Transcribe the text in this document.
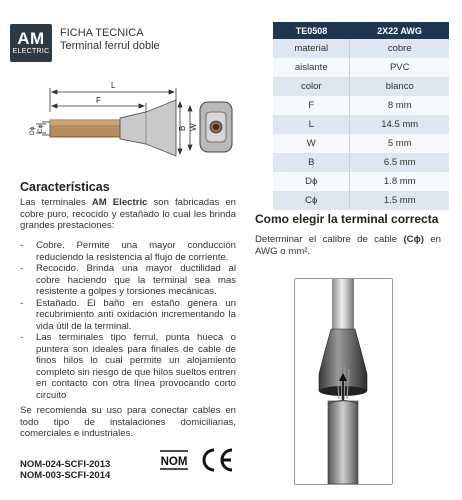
AM
ELECTRIC
FICHA TECNICA
Terminal ferrul doble
TE0508	2X22 AWG
material	cobre
aislante	PVC
color	blanco
F	8 mm
L	14.5 mm
W	5 mm
B	6.5 mm
Dϕ	1.8 mm
Cϕ	1.5 mm
L
F
Dϕ Cϕ	B W
Características
Las terminales AM Electric son fabricadas en cobre puro, recocido y estañado lo cual les brinda grandes prestaciones:
- Cobre. Permite una mayor conducción reduciendo la resistencia al flujo de corriente.
- Recocido. Brinda una mayor ductilidad al cobre haciendo que la terminal sea mas resistente a golpes y torsiones mecánicas.
- Estañado. El baño en estaño genera un recubrimiento anti oxidación incrementando la vida útil de la terminal.
- Las terminales tipo ferrul, punta hueca o puntera son ideales para finales de cable de finos hilos lo cual permite un alojamiento completo sin riesgo de que hilos sueltos entren en contacto con otra línea provocando corto circuito
Se recomienda su uso para conectar cables en todo tipo de instalaciones domiciliarias, comerciales e industriales.
NOM-024-SCFI-2013
NOM-003-SCFI-2014
NOM
Como elegir la terminal correcta
Determinar el calibre de cable (Cϕ) en AWG o mm².
